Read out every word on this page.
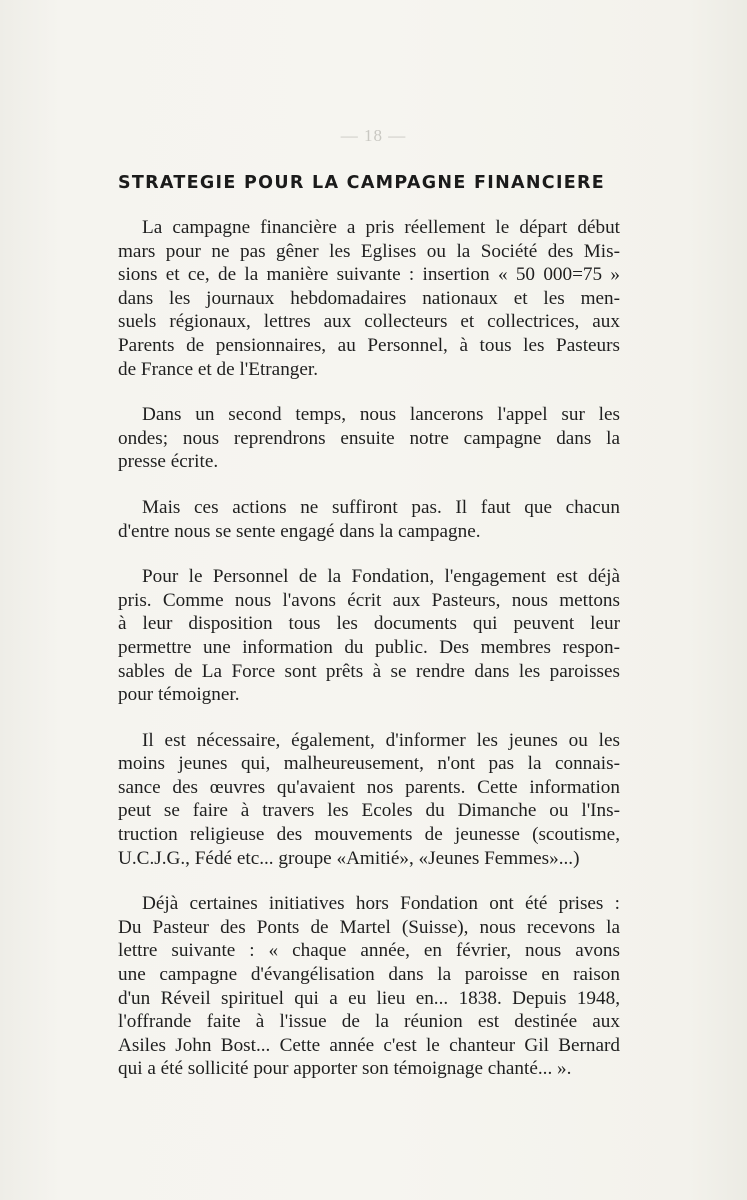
— 18 —
STRATEGIE POUR LA CAMPAGNE FINANCIERE
La campagne financière a pris réellement le départ début
mars pour ne pas gêner les Eglises ou la Société des Mis-
sions et ce, de la manière suivante : insertion « 50 000=75 »
dans les journaux hebdomadaires nationaux et les men-
suels régionaux, lettres aux collecteurs et collectrices, aux
Parents de pensionnaires, au Personnel, à tous les Pasteurs
de France et de l'Etranger.
Dans un second temps, nous lancerons l'appel sur les
ondes; nous reprendrons ensuite notre campagne dans la
presse écrite.
Mais ces actions ne suffiront pas. Il faut que chacun
d'entre nous se sente engagé dans la campagne.
Pour le Personnel de la Fondation, l'engagement est déjà
pris. Comme nous l'avons écrit aux Pasteurs, nous mettons
à leur disposition tous les documents qui peuvent leur
permettre une information du public. Des membres respon-
sables de La Force sont prêts à se rendre dans les paroisses
pour témoigner.
Il est nécessaire, également, d'informer les jeunes ou les
moins jeunes qui, malheureusement, n'ont pas la connais-
sance des œuvres qu'avaient nos parents. Cette information
peut se faire à travers les Ecoles du Dimanche ou l'Ins-
truction religieuse des mouvements de jeunesse (scoutisme,
U.C.J.G., Fédé etc... groupe «Amitié», «Jeunes Femmes»...)
Déjà certaines initiatives hors Fondation ont été prises :
Du Pasteur des Ponts de Martel (Suisse), nous recevons la
lettre suivante : « chaque année, en février, nous avons
une campagne d'évangélisation dans la paroisse en raison
d'un Réveil spirituel qui a eu lieu en... 1838. Depuis 1948,
l'offrande faite à l'issue de la réunion est destinée aux
Asiles John Bost... Cette année c'est le chanteur Gil Bernard
qui a été sollicité pour apporter son témoignage chanté... ».
